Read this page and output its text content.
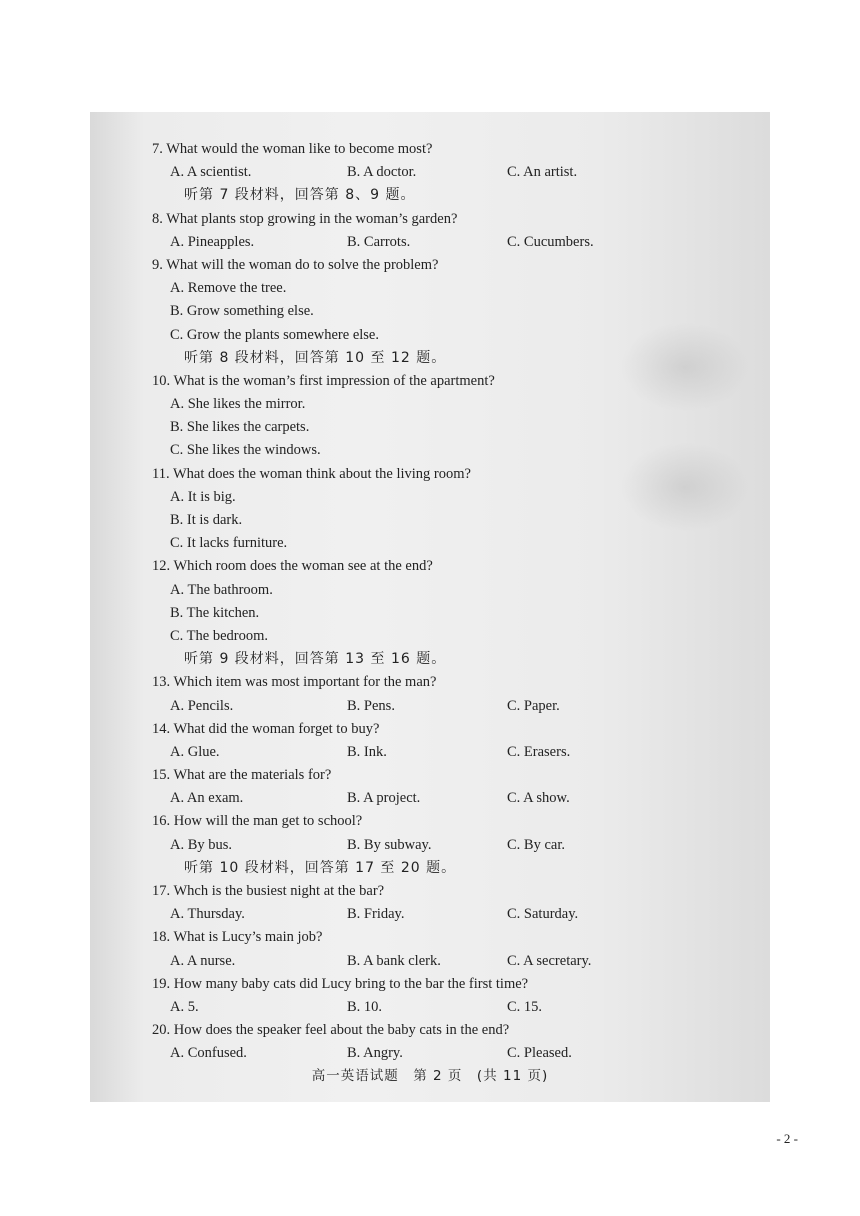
7. What would the woman like to become most?
A. A scientist.	B. A doctor.	C. An artist.
听第 7 段材料，回答第 8、9 题。
8. What plants stop growing in the woman’s garden?
A. Pineapples.	B. Carrots.	C. Cucumbers.
9. What will the woman do to solve the problem?
A. Remove the tree.
B. Grow something else.
C. Grow the plants somewhere else.
听第 8 段材料，回答第 10 至 12 题。
10. What is the woman’s first impression of the apartment?
A. She likes the mirror.
B. She likes the carpets.
C. She likes the windows.
11. What does the woman think about the living room?
A. It is big.
B. It is dark.
C. It lacks furniture.
12. Which room does the woman see at the end?
A. The bathroom.
B. The kitchen.
C. The bedroom.
听第 9 段材料，回答第 13 至 16 题。
13. Which item was most important for the man?
A. Pencils.	B. Pens.	C. Paper.
14. What did the woman forget to buy?
A. Glue.	B. Ink.	C. Erasers.
15. What are the materials for?
A. An exam.	B. A project.	C. A show.
16. How will the man get to school?
A. By bus.	B. By subway.	C. By car.
听第 10 段材料，回答第 17 至 20 题。
17. Whch is the busiest night at the bar?
A. Thursday.	B. Friday.	C. Saturday.
18. What is Lucy’s main job?
A. A nurse.	B. A bank clerk.	C. A secretary.
19. How many baby cats did Lucy bring to the bar the first time?
A. 5.	B. 10.	C. 15.
20. How does the speaker feel about the baby cats in the end?
A. Confused.	B. Angry.	C. Pleased.
高一英语试题　第 2 页　(共 11 页)
- 2 -
